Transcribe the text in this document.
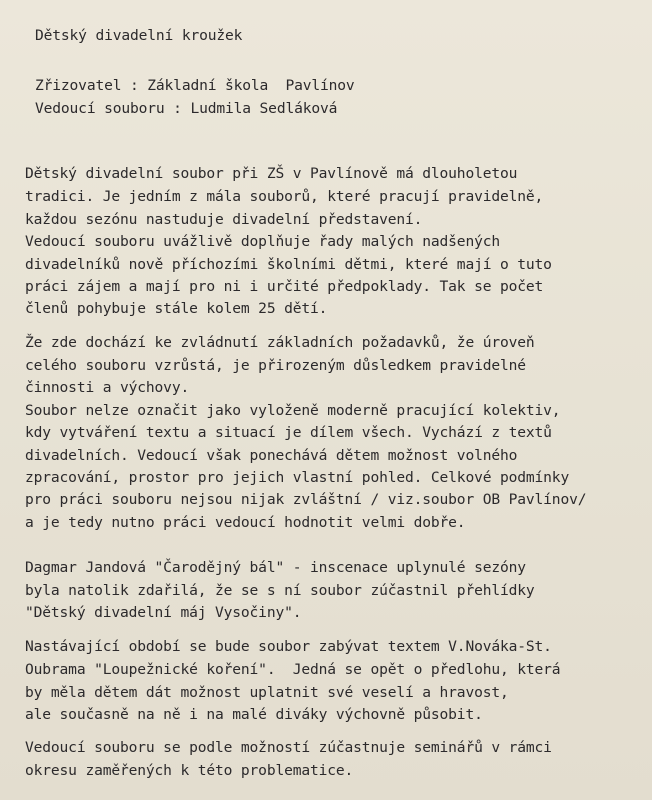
Dětský divadelní kroužek
Zřizovatel : Základní škola  Pavlínov
Vedoucí souboru : Ludmila Sedláková
Dětský divadelní soubor při ZŠ v Pavlínově má dlouholetou
tradici. Je jedním z mála souborů, které pracují pravidelně,
každou sezónu nastuduje divadelní představení.
Vedoucí souboru uvážlivě doplňuje řady malých nadšených
divadelníků nově příchozími školními dětmi, které mají o tuto
práci zájem a mají pro ni i určité předpoklady. Tak se počet
členů pohybuje stále kolem 25 dětí.
Že zde dochází ke zvládnutí základních požadavků, že úroveň
celého souboru vzrůstá, je přirozeným důsledkem pravidelné
činnosti a výchovy.
Soubor nelze označit jako vyloženě moderně pracující kolektiv,
kdy vytváření textu a situací je dílem všech. Vychází z textů
divadelních. Vedoucí však ponechává dětem možnost volného
zpracování, prostor pro jejich vlastní pohled. Celkové podmínky
pro práci souboru nejsou nijak zvláštní / viz.soubor OB Pavlínov/
a je tedy nutno práci vedoucí hodnotit velmi dobře.
Dagmar Jandová "Čarodějný bál" - inscenace uplynulé sezóny
byla natolik zdařilá, že se s ní soubor zúčastnil přehlídky
"Dětský divadelní máj Vysočiny".
Nastávající období se bude soubor zabývat textem V.Nováka-St.
Oubrama "Loupežnické koření".  Jedná se opět o předlohu, která
by měla dětem dát možnost uplatnit své veselí a hravost,
ale současně na ně i na malé diváky výchovně působit.
Vedoucí souboru se podle možností zúčastnuje seminářů v rámci
okresu zaměřených k této problematice.
